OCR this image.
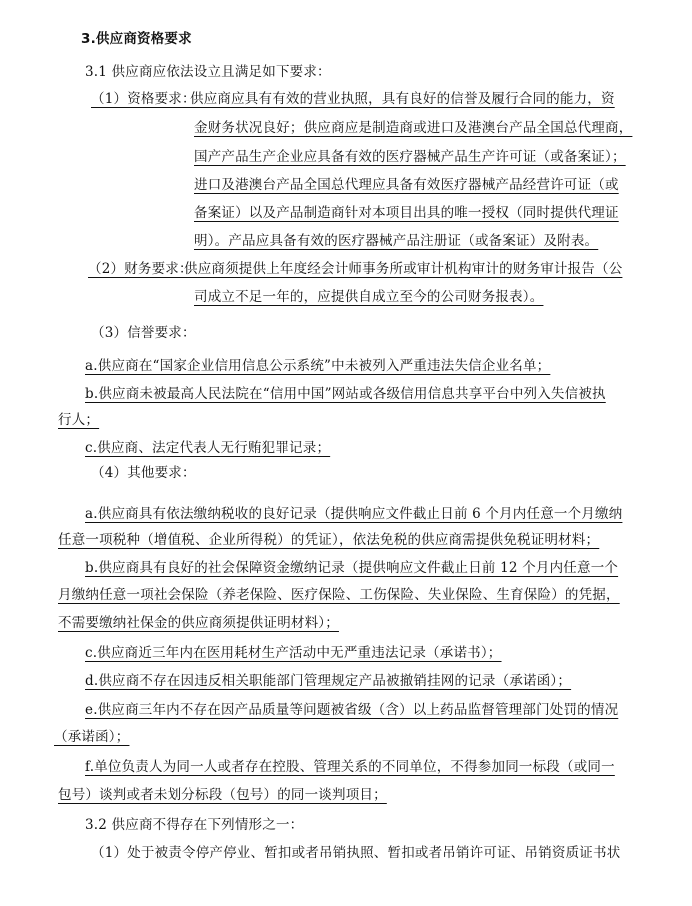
3.供应商资格要求
3.1 供应商应依法设立且满足如下要求：
（1）资格要求：
供应商应具有有效的营业执照，具有良好的信誉及履行合同的能力，资
金财务状况良好；供应商应是制造商或进口及港澳台产品全国总代理商，
国产产品生产企业应具备有效的医疗器械产品生产许可证（或备案证）；
进口及港澳台产品全国总代理应具备有效医疗器械产品经营许可证（或
备案证）以及产品制造商针对本项目出具的唯一授权（同时提供代理证
明）。产品应具备有效的医疗器械产品注册证（或备案证）及附表。
（2）财务要求：
供应商须提供上年度经会计师事务所或审计机构审计的财务审计报告（公
司成立不足一年的，应提供自成立至今的公司财务报表）。
（3）信誉要求：
a.供应商在“国家企业信用信息公示系统”中未被列入严重违法失信企业名单；
b.供应商未被最高人民法院在“信用中国”网站或各级信用信息共享平台中列入失信被执
行人；
c.供应商、法定代表人无行贿犯罪记录；
（4）其他要求：
a.供应商具有依法缴纳税收的良好记录（提供响应文件截止日前 6 个月内任意一个月缴纳
任意一项税种（增值税、企业所得税）的凭证），依法免税的供应商需提供免税证明材料；
b.供应商具有良好的社会保障资金缴纳记录（提供响应文件截止日前 12 个月内任意一个
月缴纳任意一项社会保险（养老保险、医疗保险、工伤保险、失业保险、生育保险）的凭据，
不需要缴纳社保金的供应商须提供证明材料）；
c.供应商近三年内在医用耗材生产活动中无严重违法记录（承诺书）；
d.供应商不存在因违反相关职能部门管理规定产品被撤销挂网的记录（承诺函）；
e.供应商三年内不存在因产品质量等问题被省级（含）以上药品监督管理部门处罚的情况
（承诺函）；
f.单位负责人为同一人或者存在控股、管理关系的不同单位，不得参加同一标段（或同一
包号）谈判或者未划分标段（包号）的同一谈判项目；
3.2 供应商不得存在下列情形之一：
（1）处于被责令停产停业、暂扣或者吊销执照、暂扣或者吊销许可证、吊销资质证书状
